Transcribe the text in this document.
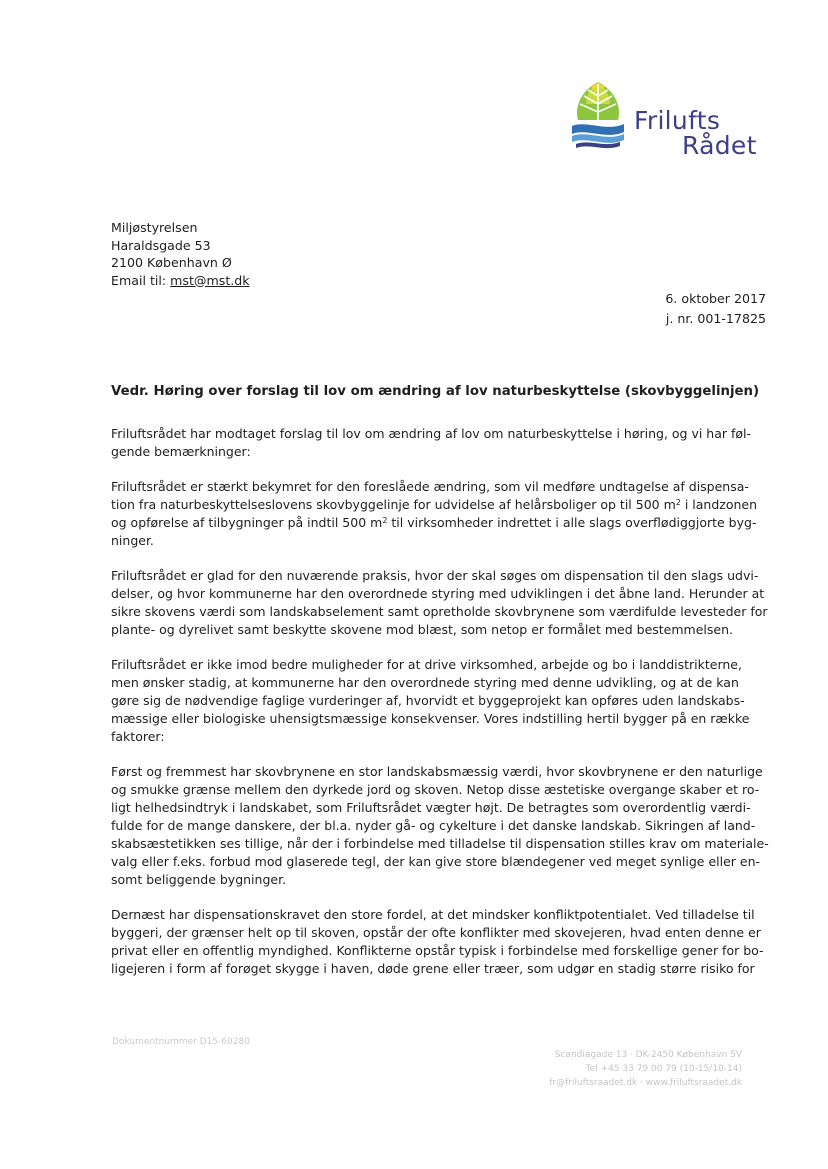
Frilufts
Rådet
Miljøstyrelsen
Haraldsgade 53
2100 København Ø
Email til: mst@mst.dk
6. oktober 2017
j. nr. 001-17825
Vedr. Høring over forslag til lov om ændring af lov naturbeskyttelse (skovbyggelinjen)

Friluftsrådet har modtaget forslag til lov om ændring af lov om naturbeskyttelse i høring, og vi har føl-
gende bemærkninger:

Friluftsrådet er stærkt bekymret for den foreslåede ændring, som vil medføre undtagelse af dispensa-
tion fra naturbeskyttelseslovens skovbyggelinje for udvidelse af helårsboliger op til 500 $m^2$ i landzonen
og opførelse af tilbygninger på indtil 500 $m^2$ til virksomheder indrettet i alle slags overflødiggjorte byg-
ninger.

Friluftsrådet er glad for den nuværende praksis, hvor der skal søges om dispensation til den slags udvi-
delser, og hvor kommunerne har den overordnede styring med udviklingen i det åbne land. Herunder at
sikre skovens værdi som landskabselement samt opretholde skovbrynene som værdifulde levesteder for
plante- og dyrelivet samt beskytte skovene mod blæst, som netop er formålet med bestemmelsen.

Friluftsrådet er ikke imod bedre muligheder for at drive virksomhed, arbejde og bo i landdistrikterne,
men ønsker stadig, at kommunerne har den overordnede styring med denne udvikling, og at de kan
gøre sig de nødvendige faglige vurderinger af, hvorvidt et byggeprojekt kan opføres uden landskabs-
mæssige eller biologiske uhensigtsmæssige konsekvenser. Vores indstilling hertil bygger på en række
faktorer:

Først og fremmest har skovbrynene en stor landskabsmæssig værdi, hvor skovbrynene er den naturlige
og smukke grænse mellem den dyrkede jord og skoven. Netop disse æstetiske overgange skaber et ro-
ligt helhedsindtryk i landskabet, som Friluftsrådet vægter højt. De betragtes som overordentlig værdi-
fulde for de mange danskere, der bl.a. nyder gå- og cykelture i det danske landskab. Sikringen af land-
skabsæstetikken ses tillige, når der i forbindelse med tilladelse til dispensation stilles krav om materiale-
valg eller f.eks. forbud mod glaserede tegl, der kan give store blændegener ved meget synlige eller en-
somt beliggende bygninger.

Dernæst har dispensationskravet den store fordel, at det mindsker konfliktpotentialet. Ved tilladelse til
byggeri, der grænser helt op til skoven, opstår der ofte konflikter med skovejeren, hvad enten denne er
privat eller en offentlig myndighed. Konflikterne opstår typisk i forbindelse med forskellige gener for bo-
ligejeren i form af forøget skygge i haven, døde grene eller træer, som udgør en stadig større risiko for

Dokumentnummer D15-60280
Scandiagade 13 · DK-2450 København SV
Tel +45 33 79 00 79 (10-15/10-14)
fr@friluftsraadet.dk · www.friluftsraadet.dk
